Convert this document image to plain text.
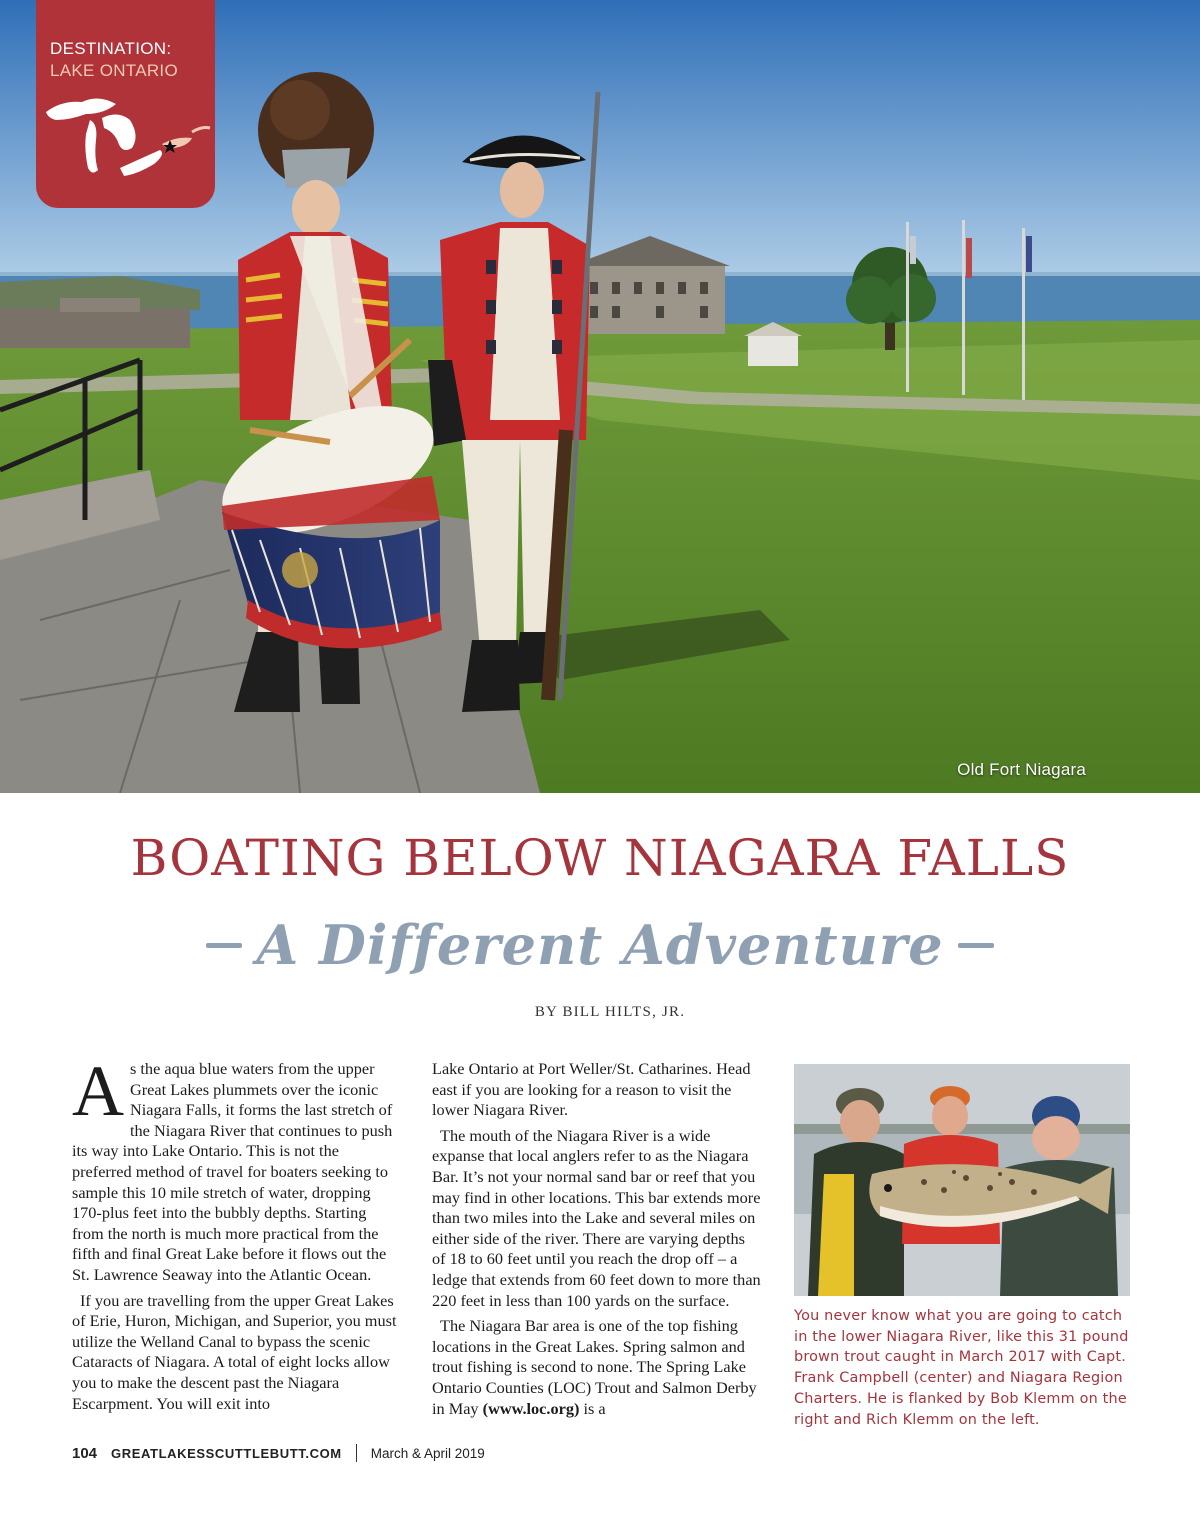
Old Fort Niagara
DESTINATION:
LAKE ONTARIO
BOATING BELOW NIAGARA FALLS
A Different Adventure
BY BILL HILTS, JR.

A s the aqua blue waters from the upper Great Lakes plummets over the iconic Niagara Falls, it forms the last stretch of the Niagara River that continues to push its way into Lake Ontario. This is not the preferred method of travel for boaters seeking to sample this 10 mile stretch of water, dropping 170-plus feet into the bubbly depths. Starting from the north is much more practical from the fifth and final Great Lake before it flows out the St. Lawrence Seaway into the Atlantic Ocean.

If you are travelling from the upper Great Lakes of Erie, Huron, Michigan, and Superior, you must utilize the Welland Canal to bypass the scenic Cataracts of Niagara. A total of eight locks allow you to make the descent past the Niagara Escarpment. You will exit into

Lake Ontario at Port Weller/St. Catharines. Head east if you are looking for a reason to visit the lower Niagara River.

The mouth of the Niagara River is a wide expanse that local anglers refer to as the Niagara Bar. It’s not your normal sand bar or reef that you may find in other locations. This bar extends more than two miles into the Lake and several miles on either side of the river. There are varying depths of 18 to 60 feet until you reach the drop off – a ledge that extends from 60 feet down to more than 220 feet in less than 100 yards on the surface.

The Niagara Bar area is one of the top fishing locations in the Great Lakes. Spring salmon and trout fishing is second to none. The Spring Lake Ontario Counties (LOC) Trout and Salmon Derby in May (www.loc.org) is a

You never know what you are going to catch in the lower Niagara River, like this 31 pound brown trout caught in March 2017 with Capt. Frank Campbell (center) and Niagara Region Charters. He is flanked by Bob Klemm on the right and Rich Klemm on the left.
104 GREATLAKESSCUTTLEBUTT.COM March & April 2019
